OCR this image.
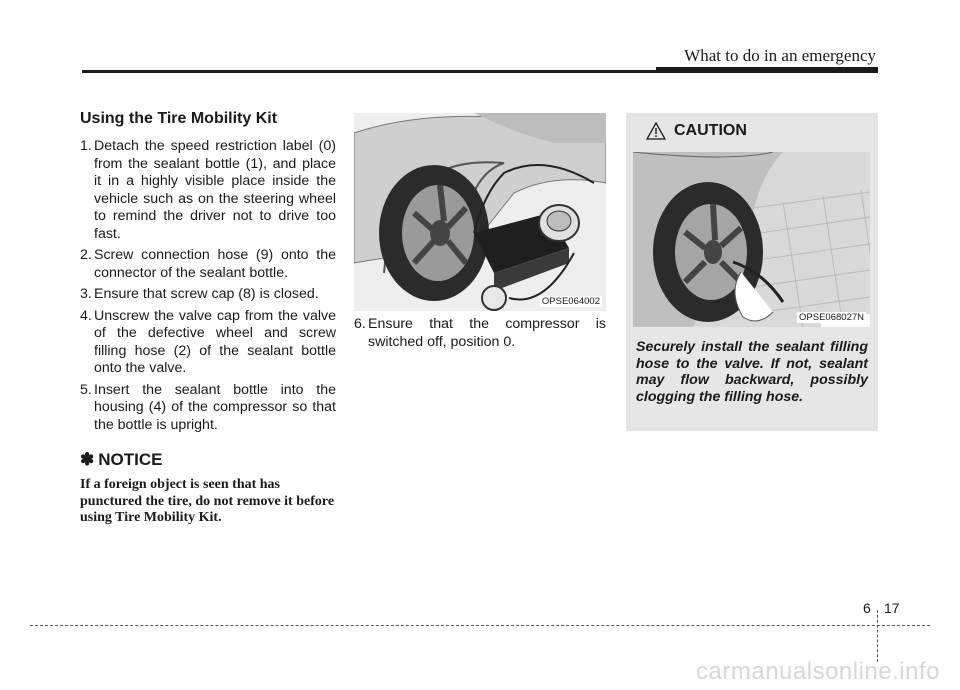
What to do in an emergency
Using the Tire Mobility Kit
1. Detach the speed restriction label (0) from the sealant bottle (1), and place it in a highly visible place inside the vehicle such as on the steering wheel to remind the driver not to drive too fast.
2. Screw connection hose (9) onto the connector of the sealant bottle.
3. Ensure that screw cap (8) is closed.
4. Unscrew the valve cap from the valve of the defective wheel and screw filling hose (2) of the sealant bottle onto the valve.
5. Insert the sealant bottle into the housing (4) of the compressor so that the bottle is upright.
✽ NOTICE

If a foreign object is seen that has punctured the tire, do not remove it before using Tire Mobility Kit.

OPSE064002
6. Ensure that the compressor is switched off, position 0.
CAUTION
OPSE068027N

Securely install the sealant filling hose to the valve. If not, sealant may flow backward, possibly clogging the filling hose.

6 17
carmanualsonline.info
